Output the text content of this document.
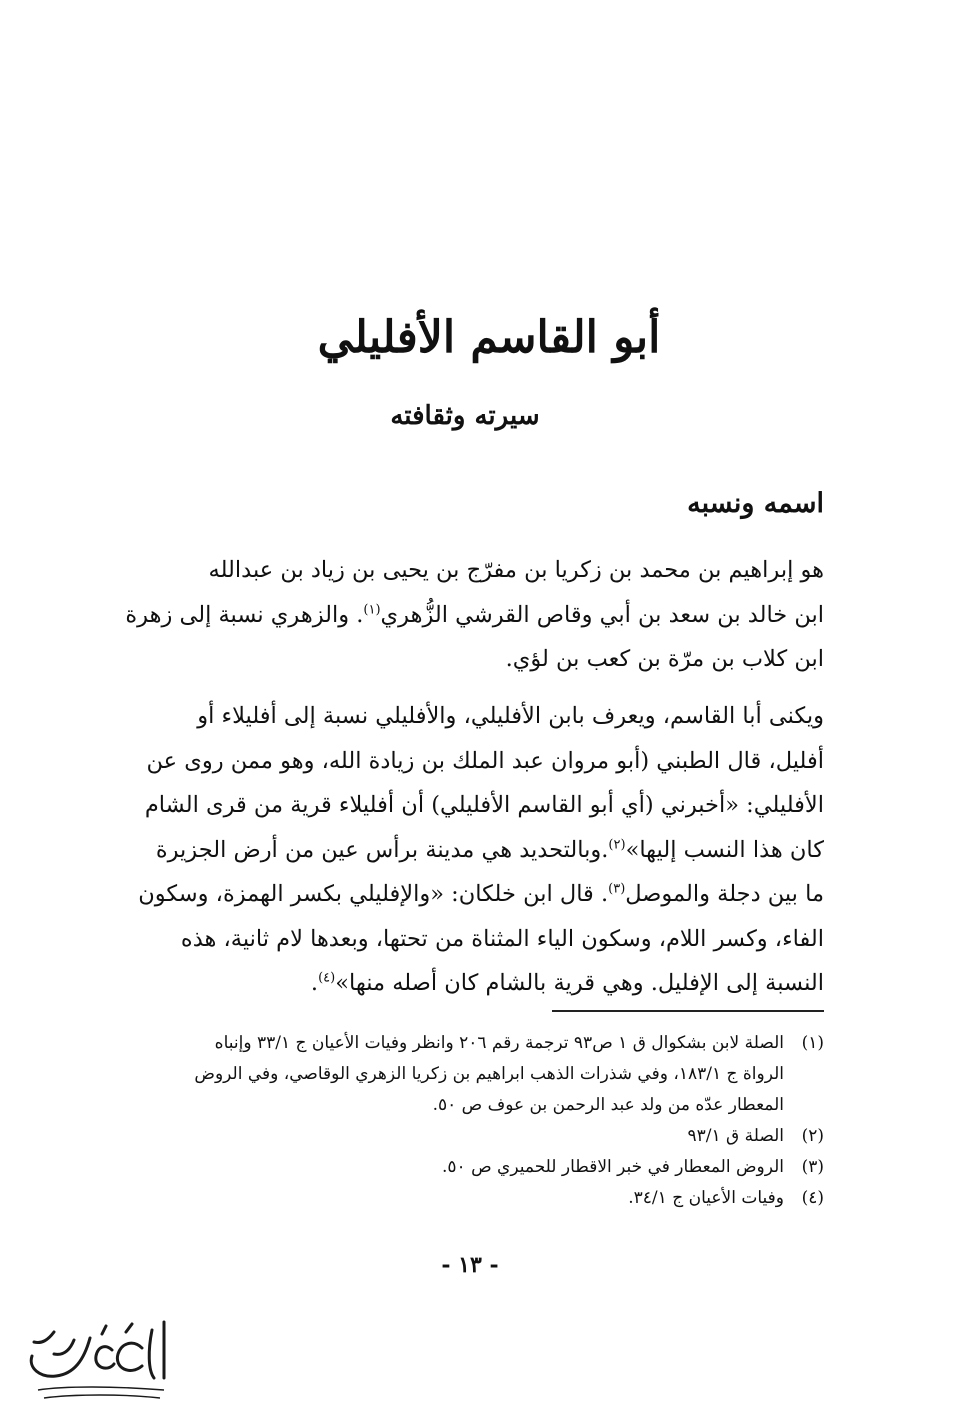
أبو القاسم الأفليلي
سيرته وثقافته
اسمه ونسبه
هو إبراهيم بن محمد بن زكريا بن مفرّج بن يحيى بن زياد بن عبدالله
ابن خالد بن سعد بن أبي وقاص القرشي الزُّهري$^{(١)}$. والزهري نسبة إلى زهرة
ابن كلاب بن مرّة بن كعب بن لؤي.
ويكنى أبا القاسم، ويعرف بابن الأفليلي، والأفليلي نسبة إلى أفليلاء أو
أفليل، قال الطبني (أبو مروان عبد الملك بن زيادة الله، وهو ممن روى عن
الأفليلي: «أخبرني (أي أبو القاسم الأفليلي) أن أفليلاء قرية من قرى الشام
كان هذا النسب إليها»$^{(٢)}$.وبالتحديد هي مدينة برأس عين من أرض الجزيرة
ما بين دجلة والموصل$^{(٣)}$. قال ابن خلكان: «والإفليلي بكسر الهمزة، وسكون
الفاء، وكسر اللام، وسكون الياء المثناة من تحتها، وبعدها لام ثانية، هذه
النسبة إلى الإفليل. وهي قرية بالشام كان أصله منها»$^{(٤)}$.
(١)
الصلة لابن بشكوال ق ١ ص٩٣ ترجمة رقم ٢٠٦ وانظر وفيات الأعيان ج ٣٣/١ وإنباه
الرواة ج ١٨٣/١، وفي شذرات الذهب ابراهيم بن زكريا الزهري الوقاصي، وفي الروض
المعطار عدّه من ولد عبد الرحمن بن عوف ص ٥٠.
(٢)
الصلة ق ٩٣/١
(٣)
الروض المعطار في خبر الاقطار للحميري ص ٥٠.
(٤)
وفيات الأعيان ج ٣٤/١.
- ١٣ -
